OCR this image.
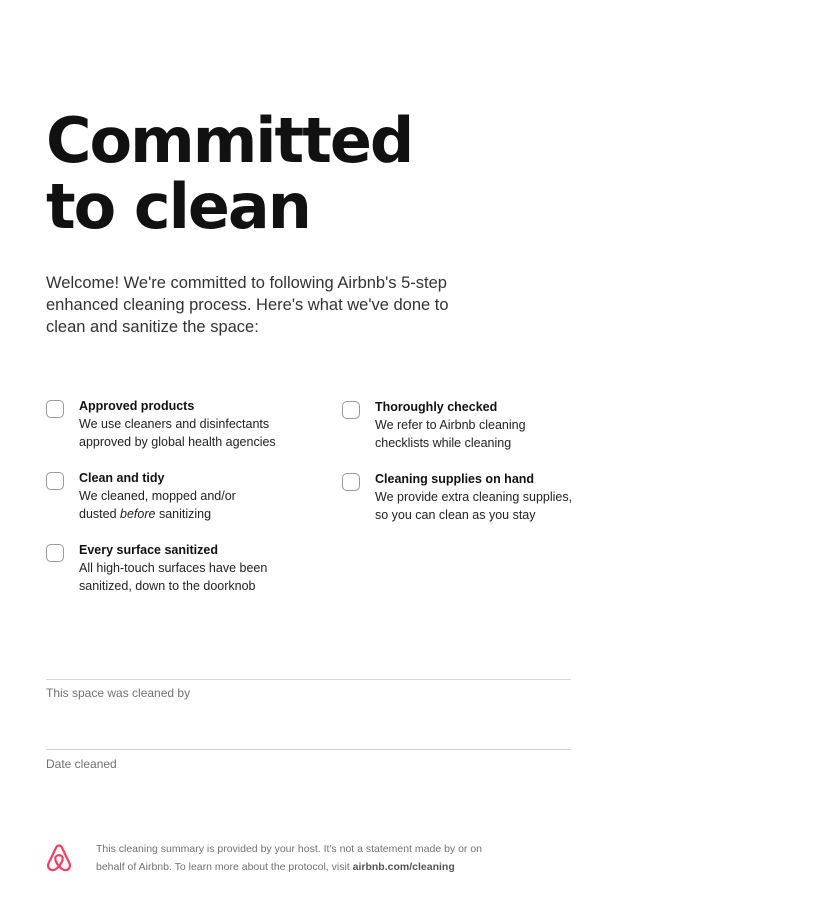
Committed
to clean

Welcome! We're committed to following Airbnb's 5-step
enhanced cleaning process. Here's what we've done to
clean and sanitize the space:

Approved products
We use cleaners and disinfectants
approved by global health agencies
Clean and tidy
We cleaned, mopped and/or
dusted before sanitizing
Every surface sanitized
All high-touch surfaces have been
sanitized, down to the doorknob
Thoroughly checked
We refer to Airbnb cleaning
checklists while cleaning
Cleaning supplies on hand
We provide extra cleaning supplies,
so you can clean as you stay
This space was cleaned by
Date cleaned
This cleaning summary is provided by your host. It's not a statement made by or on
behalf of Airbnb. To learn more about the protocol, visit airbnb.com/cleaning
